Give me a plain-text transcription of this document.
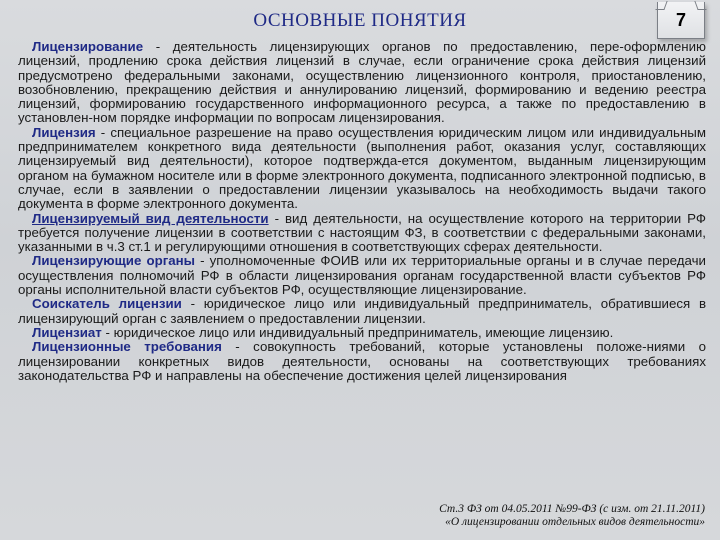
ОСНОВНЫЕ ПОНЯТИЯ	7

Лицензирование - деятельность лицензирующих органов по предоставлению, пере-оформлению лицензий, продлению срока действия лицензий в случае, если ограничение срока действия лицензий предусмотрено федеральными законами, осуществлению лицензионного контроля, приостановлению, возобновлению, прекращению действия и аннулированию лицензий, формированию и ведению реестра лицензий, формированию государственного информационного ресурса, а также по предоставлению в установлен-ном порядке информации по вопросам лицензирования.

Лицензия - специальное разрешение на право осуществления юридическим лицом или индивидуальным предпринимателем конкретного вида деятельности (выполнения работ, оказания услуг, составляющих лицензируемый вид деятельности), которое подтвержда-ется документом, выданным лицензирующим органом на бумажном носителе или в форме электронного документа, подписанного электронной подписью, в случае, если в заявлении о предоставлении лицензии указывалось на необходимость выдачи такого документа в форме электронного документа.

Лицензируемый вид деятельности - вид деятельности, на осуществление которого на территории РФ требуется получение лицензии в соответствии с настоящим ФЗ, в соответствии с федеральными законами, указанными в ч.3 ст.1 и регулирующими отношения в соответствующих сферах деятельности.

Лицензирующие органы - уполномоченные ФОИВ или их территориальные органы и в случае передачи осуществления полномочий РФ в области лицензирования органам государственной власти субъектов РФ органы исполнительной власти субъектов РФ, осуществляющие лицензирование.

Соискатель лицензии - юридическое лицо или индивидуальный предприниматель, обратившиеся в лицензирующий орган с заявлением о предоставлении лицензии.

Лицензиат - юридическое лицо или индивидуальный предприниматель, имеющие лицензию.

Лицензионные требования - совокупность требований, которые установлены положе-ниями о лицензировании конкретных видов деятельности, основаны на соответствующих требованиях законодательства РФ и направлены на обеспечение достижения целей лицензирования

Ст.3 ФЗ от 04.05.2011 №99-ФЗ (с изм. от 21.11.2011)
«О лицензировании отдельных видов деятельности»
